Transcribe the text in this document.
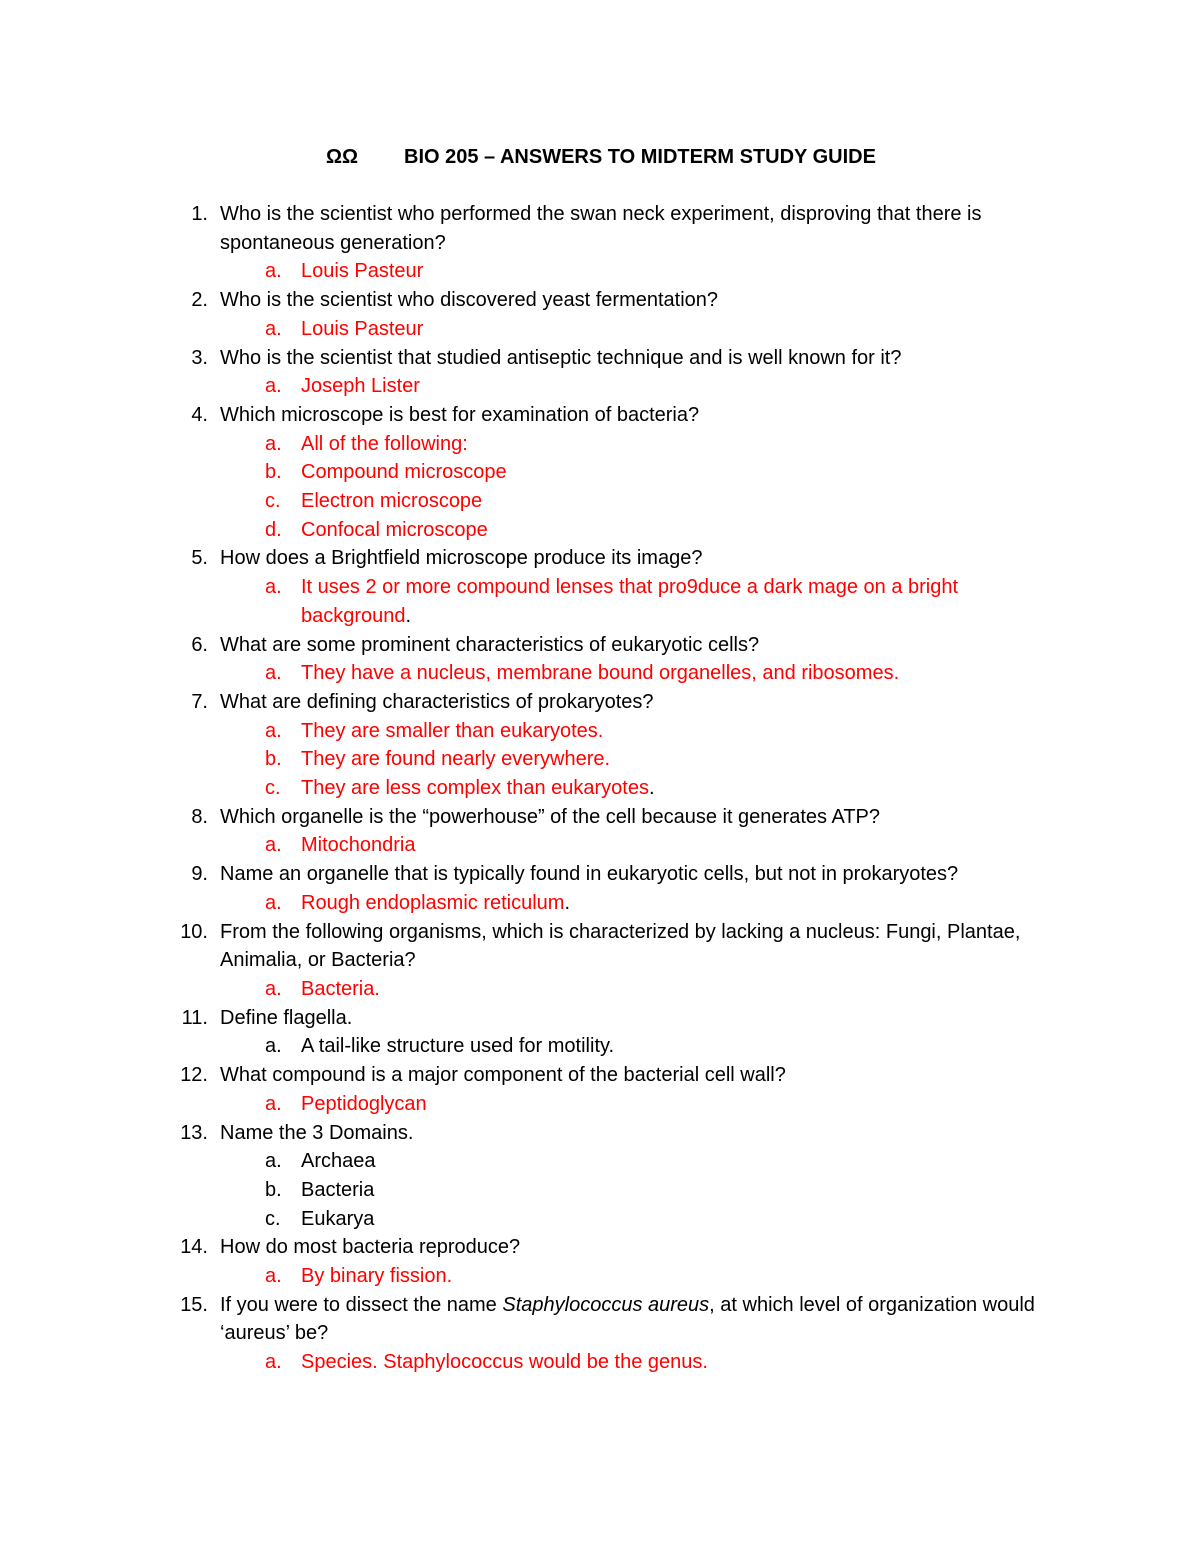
ΩΩ BIO 205 – ANSWERS TO MIDTERM STUDY GUIDE
1. Who is the scientist who performed the swan neck experiment, disproving that there is spontaneous generation?
a. Louis Pasteur
2. Who is the scientist who discovered yeast fermentation?
a. Louis Pasteur
3. Who is the scientist that studied antiseptic technique and is well known for it?
a. Joseph Lister
4. Which microscope is best for examination of bacteria?
a. All of the following:
b. Compound microscope
c. Electron microscope
d. Confocal microscope
5. How does a Brightfield microscope produce its image?
a. It uses 2 or more compound lenses that pro9duce a dark mage on a bright background.
6. What are some prominent characteristics of eukaryotic cells?
a. They have a nucleus, membrane bound organelles, and ribosomes.
7. What are defining characteristics of prokaryotes?
a. They are smaller than eukaryotes.
b. They are found nearly everywhere.
c. They are less complex than eukaryotes.
8. Which organelle is the “powerhouse” of the cell because it generates ATP?
a. Mitochondria
9. Name an organelle that is typically found in eukaryotic cells, but not in prokaryotes?
a. Rough endoplasmic reticulum.
10. From the following organisms, which is characterized by lacking a nucleus: Fungi, Plantae, Animalia, or Bacteria?
a. Bacteria.
11. Define flagella.
a. A tail-like structure used for motility.
12. What compound is a major component of the bacterial cell wall?
a. Peptidoglycan
13. Name the 3 Domains.
a. Archaea
b. Bacteria
c. Eukarya
14. How do most bacteria reproduce?
a. By binary fission.
15. If you were to dissect the name Staphylococcus aureus, at which level of organization would ‘aureus’ be?
a. Species. Staphylococcus would be the genus.
